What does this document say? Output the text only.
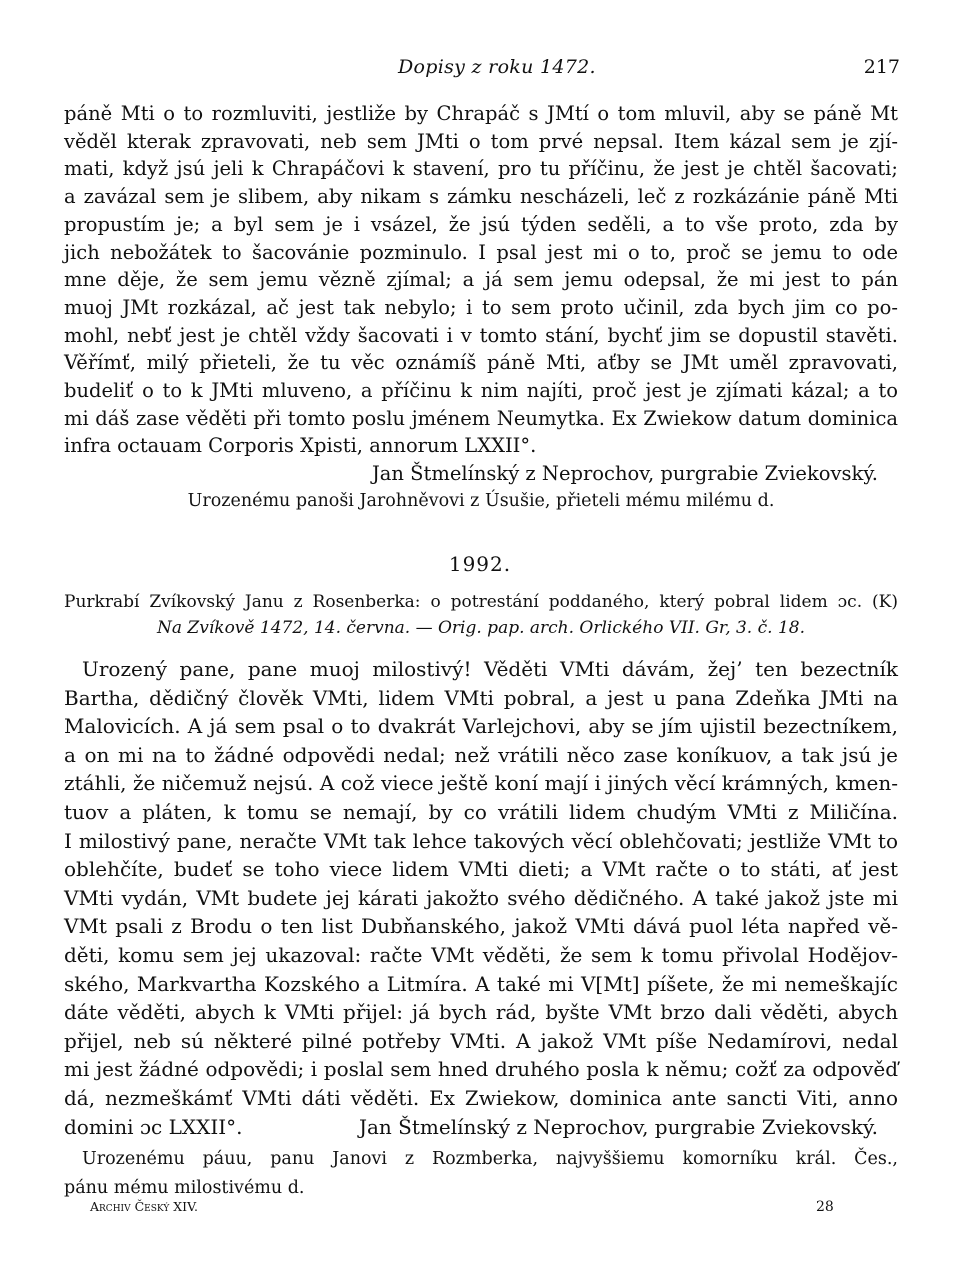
Dopisy z roku 1472.	217
páně Mti o to rozmluviti, jestliže by Chrapáč s JMtí o tom mluvil, aby se páně Mt
věděl kterak zpravovati, neb sem JMti o tom prvé nepsal. Item kázal sem je zjí-
mati, když jsú jeli k Chrapáčovi k stavení, pro tu příčinu, že jest je chtěl šacovati;
a zavázal sem je slibem, aby nikam s zámku nescházeli, leč z rozkázánie páně Mti
propustím je; a byl sem je i vsázel, že jsú týden seděli, a to vše proto, zda by
jich nebožátek to šacovánie pozminulo. I psal jest mi o to, proč se jemu to ode
mne děje, že sem jemu vězně zjímal; a já sem jemu odepsal, že mi jest to pán
muoj JMt rozkázal, ač jest tak nebylo; i to sem proto učinil, zda bych jim co po-
mohl, nebť jest je chtěl vždy šacovati i v tomto stání, bychť jim se dopustil stavěti.
Věřímť, milý přieteli, že tu věc oznámíš páně Mti, aťby se JMt uměl zpravovati,
budeliť o to k JMti mluveno, a příčinu k nim najíti, proč jest je zjímati kázal; a to
mi dáš zase věděti při tomto poslu jménem Neumytka. Ex Zwiekow datum dominica
infra octauam Corporis Xpisti, annorum LXXII°.
Jan Štmelínský z Neprochov, purgrabie Zviekovský.
Urozenému panoši Jarohněvovi z Úsušie, přieteli mému milému d.
1992.
Purkrabí Zvíkovský Janu z Rosenberka: o potrestání poddaného, který pobral lidem ɔc. (K)
Na Zvíkově 1472, 14. června. — Orig. pap. arch. Orlického VII. Gr, 3. č. 18.
Urozený pane, pane muoj milostivý! Věděti VMti dávám, žej’ ten bezectník
Bartha, dědičný člověk VMti, lidem VMti pobral, a jest u pana Zdeňka JMti na
Malovicích. A já sem psal o to dvakrát Varlejchovi, aby se jím ujistil bezectníkem,
a on mi na to žádné odpovědi nedal; než vrátili něco zase koníkuov, a tak jsú je
ztáhli, že ničemuž nejsú. A což viece ještě koní mají i jiných věcí krámných, kmen-
tuov a pláten, k tomu se nemají, by co vrátili lidem chudým VMti z Miličína.
I milostivý pane, neračte VMt tak lehce takových věcí oblehčovati; jestliže VMt to
oblehčíte, budeť se toho viece lidem VMti dieti; a VMt račte o to státi, ať jest
VMti vydán, VMt budete jej kárati jakožto svého dědičného. A také jakož jste mi
VMt psali z Brodu o ten list Dubňanského, jakož VMti dává puol léta napřed vě-
děti, komu sem jej ukazoval: račte VMt věděti, že sem k tomu přivolal Hodějov-
ského, Markvartha Kozského a Litmíra. A také mi V[Mt] píšete, že mi nemeškajíc
dáte věděti, abych k VMti přijel: já bych rád, byšte VMt brzo dali věděti, abych
přijel, neb sú některé pilné potřeby VMti. A jakož VMt píše Nedamírovi, nedal
mi jest žádné odpovědi; i poslal sem hned druhého posla k němu; cožť za odpověď
dá, nezmeškámť VMti dáti věděti. Ex Zwiekow, dominica ante sancti Viti, anno
domini ɔc LXXII°.	Jan Štmelínský z Neprochov, purgrabie Zviekovský.
Urozenému páuu, panu Janovi z Rozmberka, najvyššiemu komorníku král. Čes.,
pánu mému milostivému d.
Archiv Český XIV.	28
